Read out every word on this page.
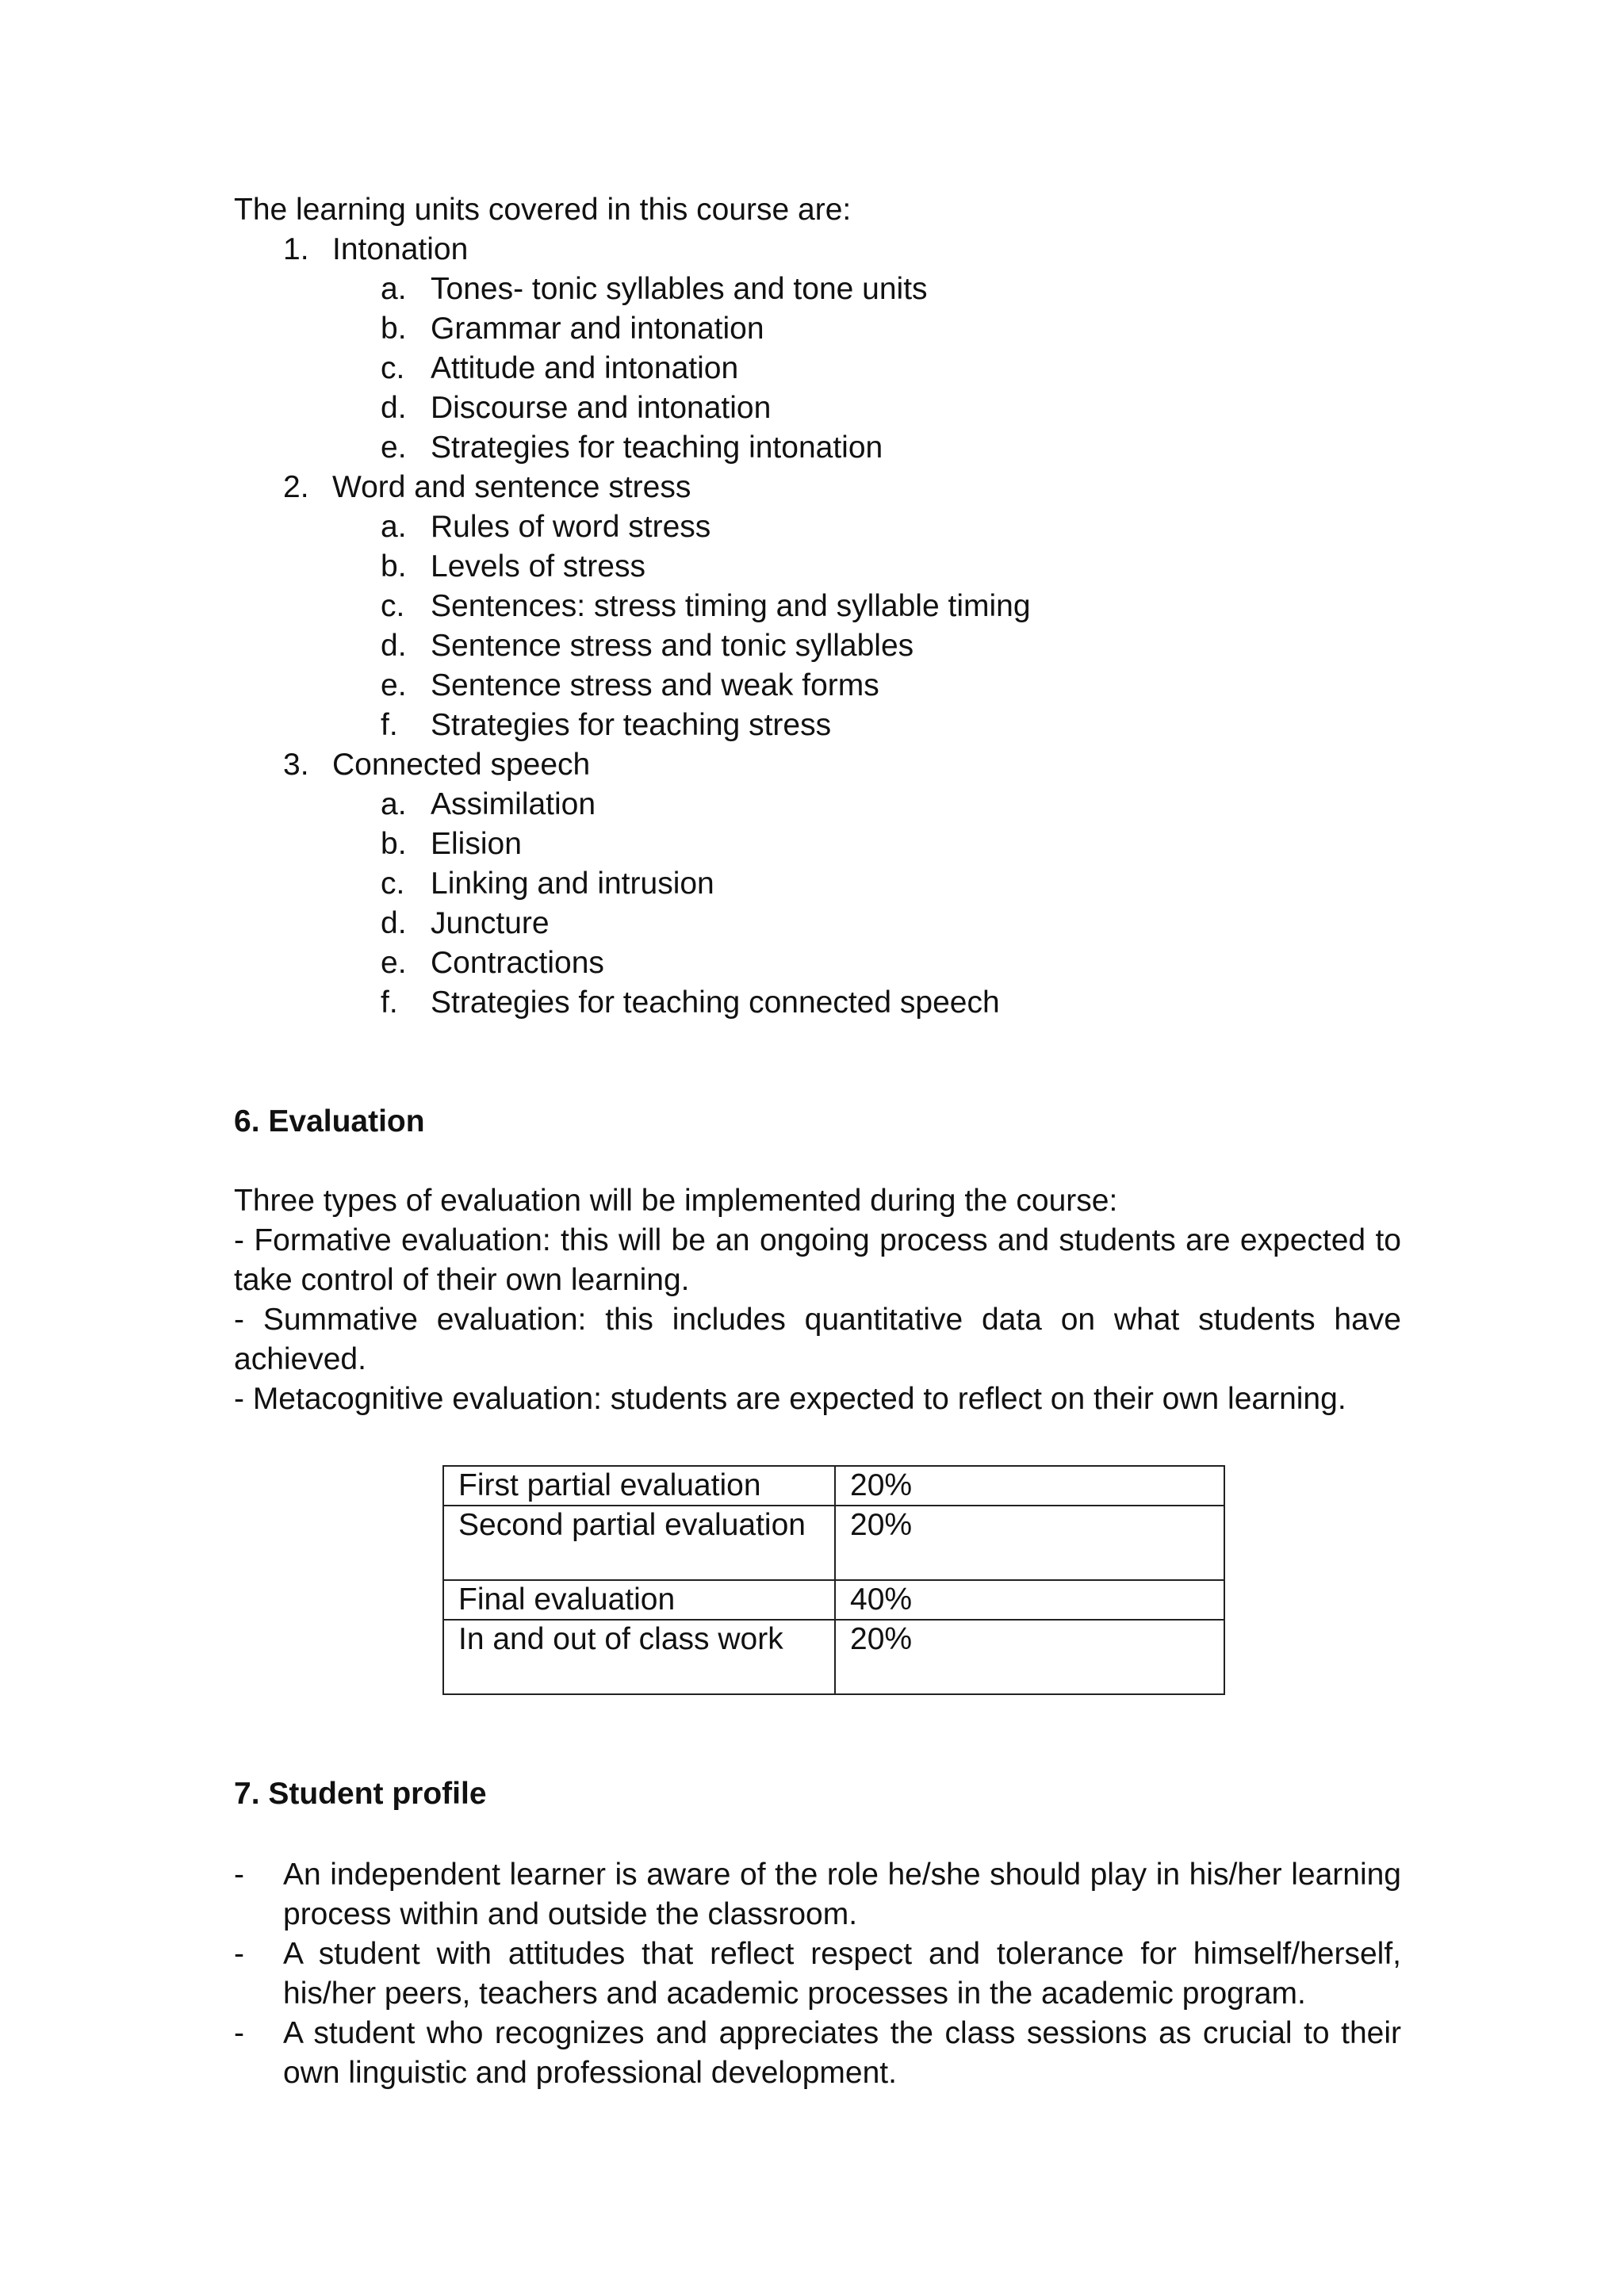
The learning units covered in this course are:

1. Intonation
a. Tones- tonic syllables and tone units
b. Grammar and intonation
c. Attitude and intonation
d. Discourse and intonation
e. Strategies for teaching intonation
2. Word and sentence stress
a. Rules of word stress
b. Levels of stress
c. Sentences: stress timing and syllable timing
d. Sentence stress and tonic syllables
e. Sentence stress and weak forms
f. Strategies for teaching stress
3. Connected speech
a. Assimilation
b. Elision
c. Linking and intrusion
d. Juncture
e. Contractions
f. Strategies for teaching connected speech
6. Evaluation

Three types of evaluation will be implemented during the course:

- Formative evaluation: this will be an ongoing process and students are expected to take control of their own learning.

- Summative evaluation: this includes quantitative data on what students have achieved.

- Metacognitive evaluation: students are expected to reflect on their own learning.

First partial evaluation	20%
Second partial evaluation	20%
Final evaluation	40%
In and out of class work	20%
7. Student profile
- An independent learner is aware of the role he/she should play in his/her learning process within and outside the classroom.
- A student with attitudes that reflect respect and tolerance for himself/herself, his/her peers, teachers and academic processes in the academic program.
- A student who recognizes and appreciates the class sessions as crucial to their own linguistic and professional development.
